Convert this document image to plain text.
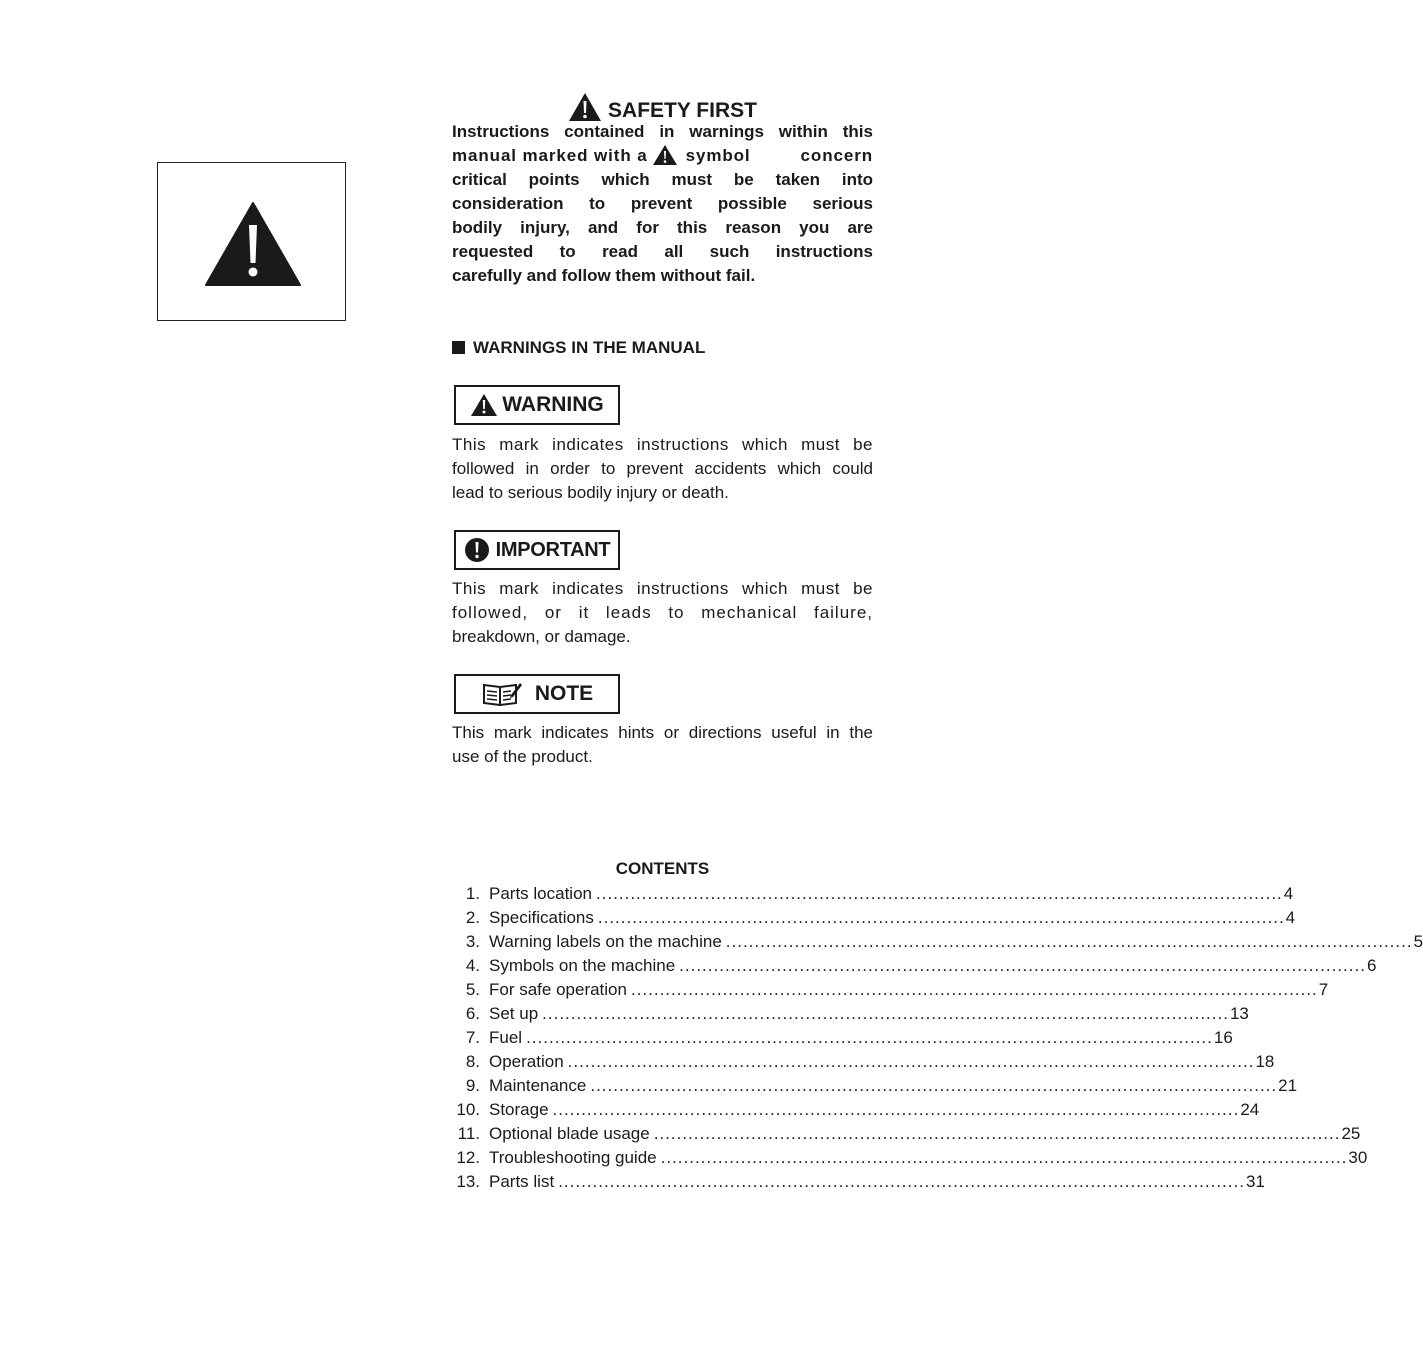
SAFETY FIRST
Instructions contained in warnings within this
manual marked with a symbol concern
critical points which must be taken into
consideration to prevent possible serious
bodily injury, and for this reason you are
requested to read all such instructions
carefully and follow them without fail.
WARNINGS IN THE MANUAL
WARNING
This mark indicates instructions which must be
followed in order to prevent accidents which could
lead to serious bodily injury or death.
IMPORTANT
This mark indicates instructions which must be
followed, or it leads to mechanical failure,
breakdown, or damage.
NOTE
This mark indicates hints or directions useful in the
use of the product.
CONTENTS
1. Parts location ........................................................................................................................ 4
2. Specifications ........................................................................................................................ 4
3. Warning labels on the machine ........................................................................................................................ 5
4. Symbols on the machine ........................................................................................................................ 6
5. For safe operation ........................................................................................................................ 7
6. Set up ........................................................................................................................ 13
7. Fuel ........................................................................................................................ 16
8. Operation ........................................................................................................................ 18
9. Maintenance ........................................................................................................................ 21
10. Storage ........................................................................................................................ 24
11. Optional blade usage ........................................................................................................................ 25
12. Troubleshooting guide ........................................................................................................................ 30
13. Parts list ........................................................................................................................ 31
